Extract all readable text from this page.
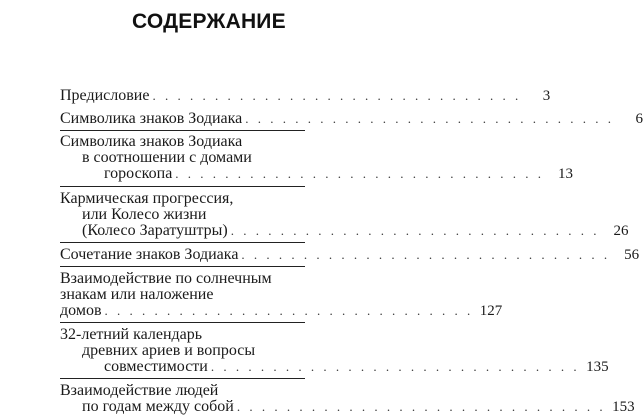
СОДЕРЖАНИЕ
Предисловие . . . . . . . . . . . . . . . . . . . . . . . . . . . . . .	3
Символика знаков Зодиака . . . . . . . . . . . . . . . . . . . . . . . . . . . . . .	6
Символика знаков Зодиака
в соотношении с домами
гороскопа . . . . . . . . . . . . . . . . . . . . . . . . . . . . . . 13
Кармическая прогрессия,
или Колесо жизни
(Колесо Заратуштры) . . . . . . . . . . . . . . . . . . . . . . . . . . . . . . 26
Сочетание знаков Зодиака . . . . . . . . . . . . . . . . . . . . . . . . . . . . . . 56
Взаимодействие по солнечным
знакам или наложение
домов . . . . . . . . . . . . . . . . . . . . . . . . . . . . . . 127
32-летний календарь
древних ариев и вопросы
совместимости . . . . . . . . . . . . . . . . . . . . . . . . . . . . . . 135
Взаимодействие людей
по годам между собой . . . . . . . . . . . . . . . . . . . . . . . . . . . . . . 153
